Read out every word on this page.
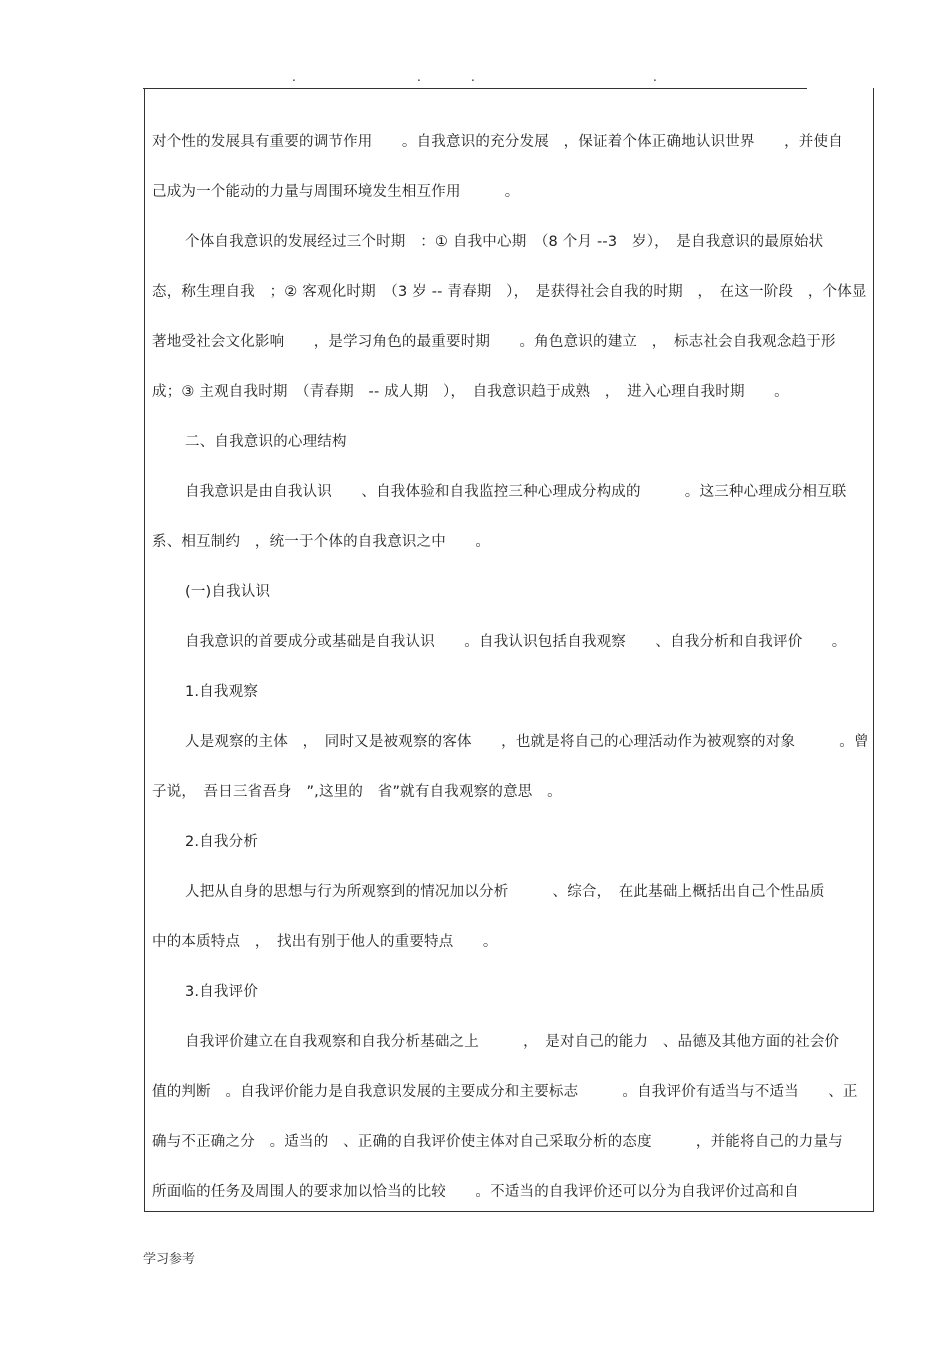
.	.	.	.
对个性的发展具有重要的调节作用　　。自我意识的充分发展　，保证着个体正确地认识世界　　，并使自
己成为一个能动的力量与周围环境发生相互作用　　　。
个体自我意识的发展经过三个时期　：① 自我中心期　（8 个月 --3　岁），　是自我意识的最原始状
态，称生理自我　；② 客观化时期　（3 岁 -- 青春期　），　是获得社会自我的时期　，　在这一阶段　，个体显
著地受社会文化影响　　，是学习角色的最重要时期　　。角色意识的建立　，　标志社会自我观念趋于形
成；③ 主观自我时期　（青春期　-- 成人期　），　自我意识趋于成熟　，　进入心理自我时期　　。
二、自我意识的心理结构
自我意识是由自我认识　　、自我体验和自我监控三种心理成分构成的　　　。这三种心理成分相互联
系、相互制约　，统一于个体的自我意识之中　　。
(一)自我认识
自我意识的首要成分或基础是自我认识　　。自我认识包括自我观察　　、自我分析和自我评价　　。
1.自我观察
人是观察的主体　，　同时又是被观察的客体　　，也就是将自己的心理活动作为被观察的对象　　　。曾
子说，　吾日三省吾身　”,这里的　省”就有自我观察的意思　。
2.自我分析
人把从自身的思想与行为所观察到的情况加以分析　　　、综合，　在此基础上概括出自己个性品质
中的本质特点　，　找出有别于他人的重要特点　　。
3.自我评价
自我评价建立在自我观察和自我分析基础之上　　　，　是对自己的能力　、品德及其他方面的社会价
值的判断　。自我评价能力是自我意识发展的主要成分和主要标志　　　。自我评价有适当与不适当　　、正
确与不正确之分　。适当的　、正确的自我评价使主体对自己采取分析的态度　　　，并能将自己的力量与
所面临的任务及周围人的要求加以恰当的比较　　。不适当的自我评价还可以分为自我评价过高和自
学习参考
